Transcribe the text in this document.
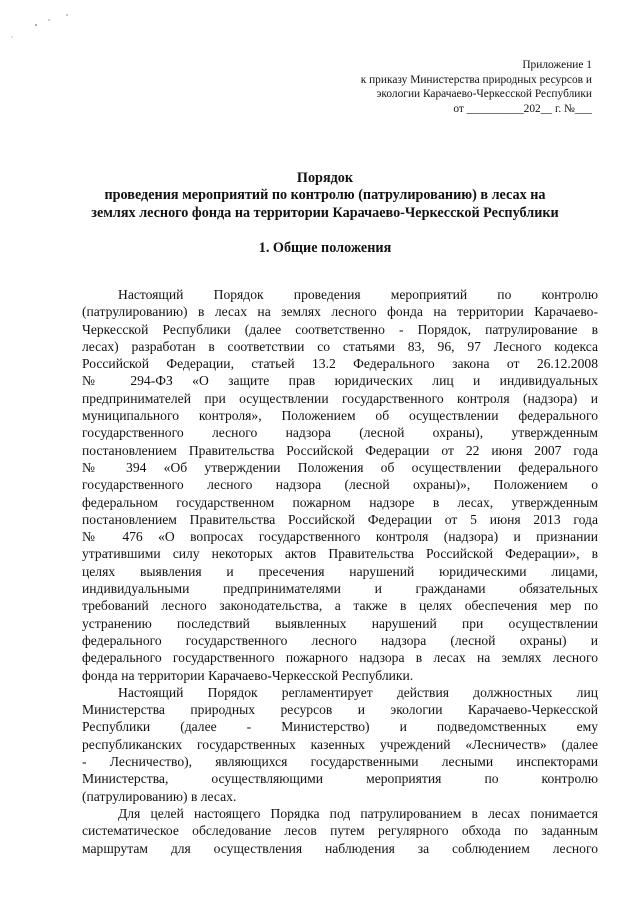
Приложение 1
к приказу Министерства природных ресурсов и
экологии Карачаево-Черкесской Республики
от __________202__ г. №___
Порядок
проведения мероприятий по контролю (патрулированию) в лесах на
землях лесного фонда на территории Карачаево-Черкесской Республики
1. Общие положения
Настоящий Порядок проведения мероприятий по контролю
(патрулированию) в лесах на землях лесного фонда на территории Карачаево-
Черкесской Республики (далее соответственно - Порядок, патрулирование в
лесах) разработан в соответствии со статьями 83, 96, 97 Лесного кодекса
Российской Федерации, статьей 13.2 Федерального закона от 26.12.2008
№ 294-ФЗ «О защите прав юридических лиц и индивидуальных
предпринимателей при осуществлении государственного контроля (надзора) и
муниципального контроля», Положением об осуществлении федерального
государственного лесного надзора (лесной охраны), утвержденным
постановлением Правительства Российской Федерации от 22 июня 2007 года
№ 394 «Об утверждении Положения об осуществлении федерального
государственного лесного надзора (лесной охраны)», Положением о
федеральном государственном пожарном надзоре в лесах, утвержденным
постановлением Правительства Российской Федерации от 5 июня 2013 года
№ 476 «О вопросах государственного контроля (надзора) и признании
утратившими силу некоторых актов Правительства Российской Федерации», в
целях выявления и пресечения нарушений юридическими лицами,
индивидуальными предпринимателями и гражданами обязательных
требований лесного законодательства, а также в целях обеспечения мер по
устранению последствий выявленных нарушений при осуществлении
федерального государственного лесного надзора (лесной охраны) и
федерального государственного пожарного надзора в лесах на землях лесного
фонда на территории Карачаево-Черкесской Республики.
Настоящий Порядок регламентирует действия должностных лиц
Министерства природных ресурсов и экологии Карачаево-Черкесской
Республики (далее - Министерство) и подведомственных ему
республиканских государственных казенных учреждений «Лесничеств» (далее
- Лесничество), являющихся государственными лесными инспекторами
Министерства, осуществляющими мероприятия по контролю
(патрулированию) в лесах.
Для целей настоящего Порядка под патрулированием в лесах понимается
систематическое обследование лесов путем регулярного обхода по заданным
маршрутам для осуществления наблюдения за соблюдением лесного
